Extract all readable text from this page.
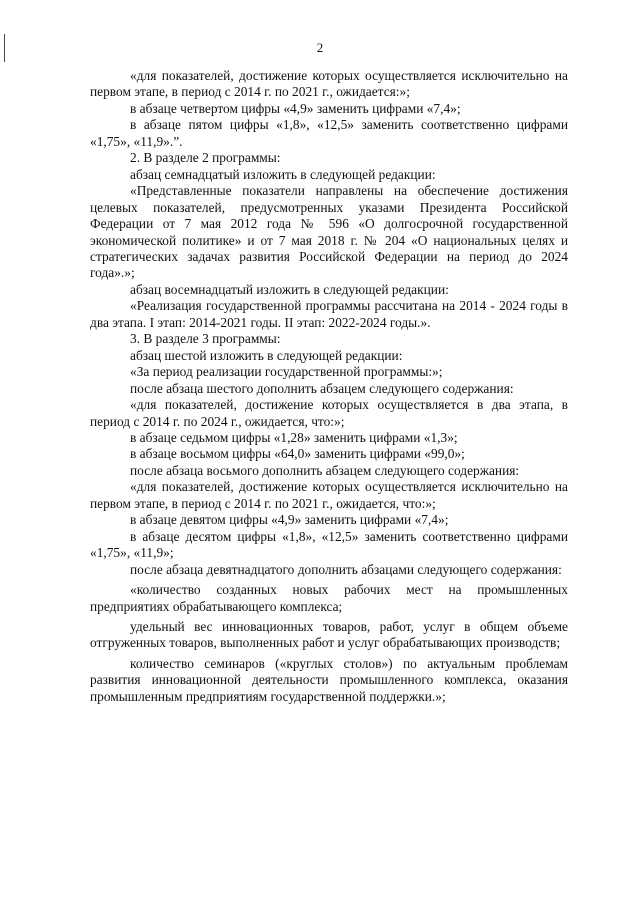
2

«для показателей, достижение которых осуществляется исключительно на первом этапе, в период с 2014 г. по 2021 г., ожидается:»;

в абзаце четвертом цифры «4,9» заменить цифрами «7,4»;

в абзаце пятом цифры «1,8», «12,5» заменить соответственно цифрами «1,75», «11,9».”.

2. В разделе 2 программы:

абзац семнадцатый изложить в следующей редакции:

«Представленные показатели направлены на обеспечение достижения целевых показателей, предусмотренных указами Президента Российской Федерации от 7 мая 2012 года № 596 «О долгосрочной государственной экономической политике» и от 7 мая 2018 г. № 204 «О национальных целях и стратегических задачах развития Российской Федерации на период до 2024 года».»;

абзац восемнадцатый изложить в следующей редакции:

«Реализация государственной программы рассчитана на 2014 - 2024 годы в два этапа. I этап: 2014-2021 годы. II этап: 2022-2024 годы.».

3. В разделе 3 программы:

абзац шестой изложить в следующей редакции:

«За период реализации государственной программы:»;

после абзаца шестого дополнить абзацем следующего содержания:

«для показателей, достижение которых осуществляется в два этапа, в период с 2014 г. по 2024 г., ожидается, что:»;

в абзаце седьмом цифры «1,28» заменить цифрами «1,3»;

в абзаце восьмом цифры «64,0» заменить цифрами «99,0»;

после абзаца восьмого дополнить абзацем следующего содержания:

«для показателей, достижение которых осуществляется исключительно на первом этапе, в период с 2014 г. по 2021 г., ожидается, что:»;

в абзаце девятом цифры «4,9» заменить цифрами «7,4»;

в абзаце десятом цифры «1,8», «12,5» заменить соответственно цифрами «1,75», «11,9»;

после абзаца девятнадцатого дополнить абзацами следующего содержания:

«количество созданных новых рабочих мест на промышленных предприятиях обрабатывающего комплекса;

удельный вес инновационных товаров, работ, услуг в общем объеме отгруженных товаров, выполненных работ и услуг обрабатывающих производств;

количество семинаров («круглых столов») по актуальным проблемам развития инновационной деятельности промышленного комплекса, оказания промышленным предприятиям государственной поддержки.»;
